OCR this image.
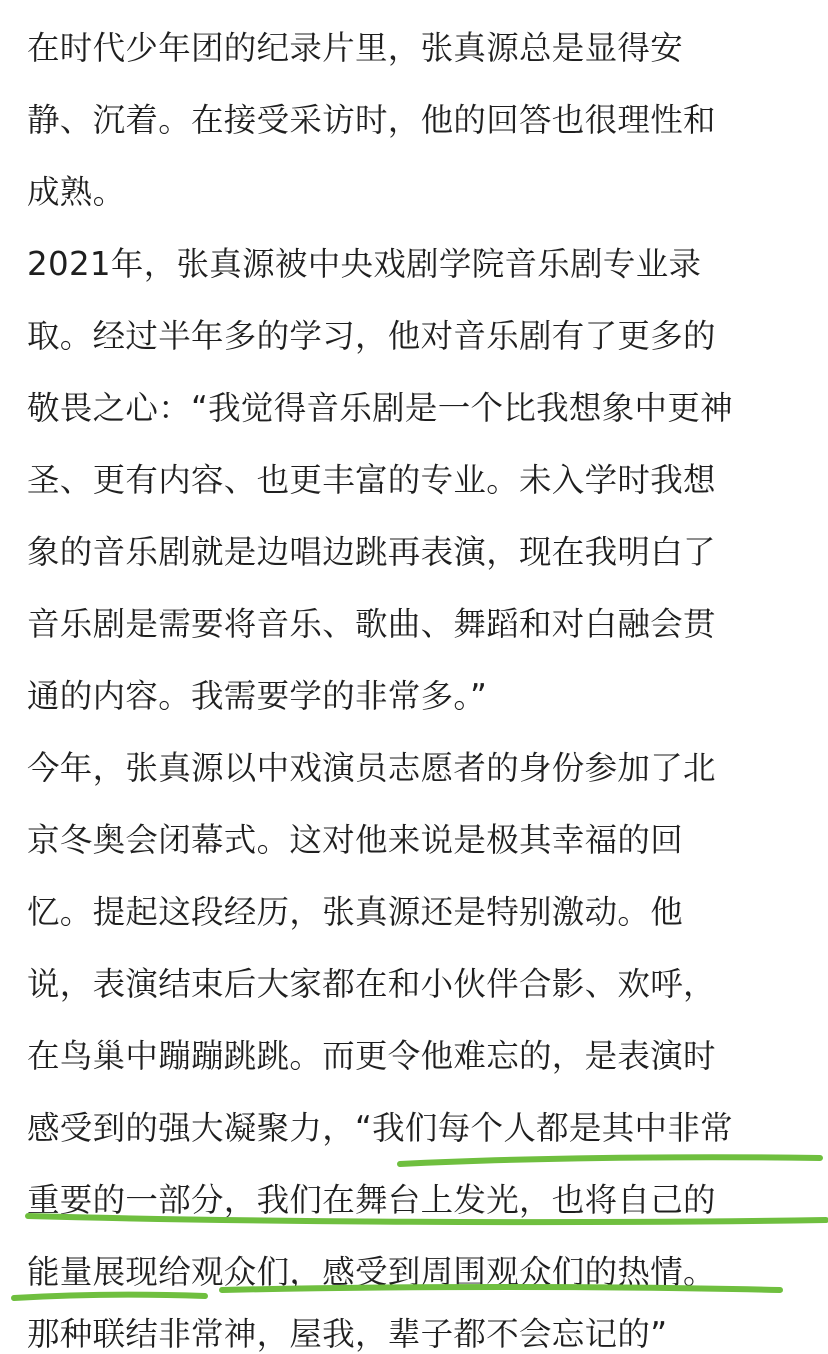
在时代少年团的纪录片里，张真源总是显得安
静、沉着。在接受采访时，他的回答也很理性和
成熟。
2021年，张真源被中央戏剧学院音乐剧专业录
取。经过半年多的学习，他对音乐剧有了更多的
敬畏之心：“我觉得音乐剧是一个比我想象中更神
圣、更有内容、也更丰富的专业。未入学时我想
象的音乐剧就是边唱边跳再表演，现在我明白了
音乐剧是需要将音乐、歌曲、舞蹈和对白融会贯
通的内容。我需要学的非常多。”
今年，张真源以中戏演员志愿者的身份参加了北
京冬奥会闭幕式。这对他来说是极其幸福的回
忆。提起这段经历，张真源还是特别激动。他
说，表演结束后大家都在和小伙伴合影、欢呼，
在鸟巢中蹦蹦跳跳。而更令他难忘的，是表演时
感受到的强大凝聚力，“我们每个人都是其中非常
重要的一部分，我们在舞台上发光，也将自己的
能量展现给观众们，感受到周围观众们的热情。
那种联结非常神，屋我，辈子都不会忘记的”
